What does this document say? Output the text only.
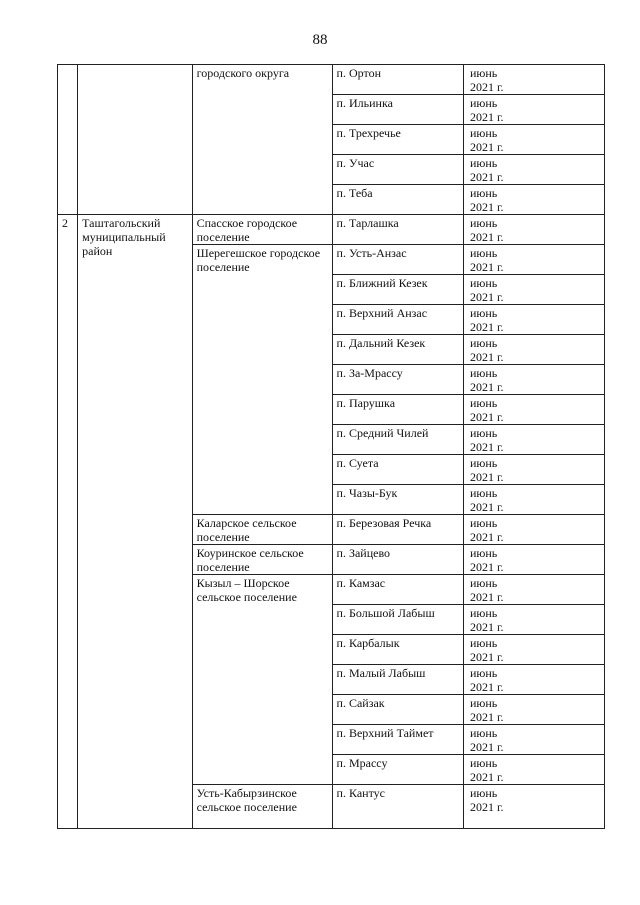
88

		городского округа	п. Ортон	июнь
2021 г.

			п. Ильинка	июнь
2021 г.

			п. Трехречье	июнь
2021 г.

			п. Учас	июнь
2021 г.

			п. Теба	июнь
2021 г.

2	Таштагольский муниципальный район	Спасское городское поселение	п. Тарлашка	июнь
2021 г.

		Шерегешское городское поселение	п. Усть-Анзас	июнь
2021 г.

			п. Ближний Кезек	июнь
2021 г.

			п. Верхний Анзас	июнь
2021 г.

			п. Дальний Кезек	июнь
2021 г.

			п. За-Мрассу	июнь
2021 г.

			п. Парушка	июнь
2021 г.

			п. Средний Чилей	июнь
2021 г.

			п. Суета	июнь
2021 г.

			п. Чазы-Бук	июнь
2021 г.

		Каларское сельское поселение	п. Березовая Речка	июнь
2021 г.

		Коуринское сельское поселение	п. Зайцево	июнь
2021 г.

		Кызыл – Шорское сельское поселение	п. Камзас	июнь
2021 г.

			п. Большой Лабыш	июнь
2021 г.

			п. Карбалык	июнь
2021 г.

			п. Малый Лабыш	июнь
2021 г.

			п. Сайзак	июнь
2021 г.

			п. Верхний Таймет	июнь
2021 г.

			п. Мрассу	июнь
2021 г.

		Усть-Кабырзинское сельское поселение	п. Кантус	июнь
2021 г.
